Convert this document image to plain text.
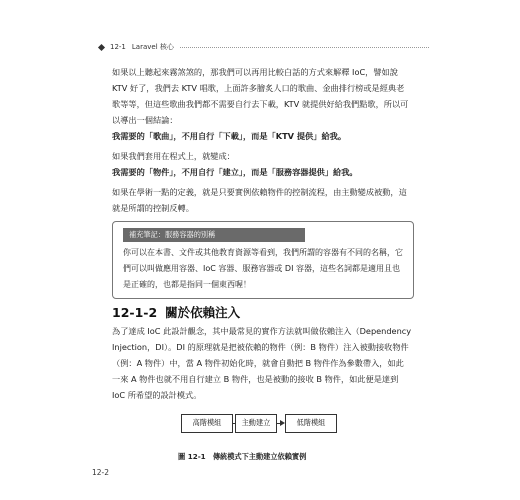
12-1 Laravel 核心
如果以上聽起來霧煞煞的，那我們可以再用比較白話的方式來解釋 IoC，譬如說 KTV 好了，我們去 KTV 唱歌，上面許多膾炙人口的歌曲、金曲排行榜或是經典老歌等等，但這些歌曲我們都不需要自行去下載，KTV 就提供好給我們點歌，所以可以導出一個結論：
我需要的「歌曲」，不用自行「下載」，而是「KTV 提供」給我。
如果我們套用在程式上，就變成：
我需要的「物件」，不用自行「建立」，而是「服務容器提供」給我。
如果在學術一點的定義，就是只要實例依賴物件的控制流程，由主動變成被動，這就是所謂的控制反轉。
補充筆記：服務容器的別稱
你可以在本書、文件或其他教育資源等看到，我們所謂的容器有不同的名稱，它們可以叫做應用容器、IoC 容器、服務容器或 DI 容器，這些名詞都是適用且也是正確的，也都是指同一個東西喔！
12-1-2 關於依賴注入
為了達成 IoC 此設計觀念，其中最常見的實作方法就叫做依賴注入（Dependency Injection，DI）。DI 的原理就是把被依賴的物件（例：B 物件）注入被動接收物件（例：A 物件）中，當 A 物件初始化時，就會自動把 B 物件作為參數帶入，如此一來 A 物件也就不用自行建立 B 物件，也是被動的接收 B 物件，如此便是達到 IoC 所希望的設計模式。
高階模組	主動建立	低階模組
圖 12-1　傳統模式下主動建立依賴實例
12-2
